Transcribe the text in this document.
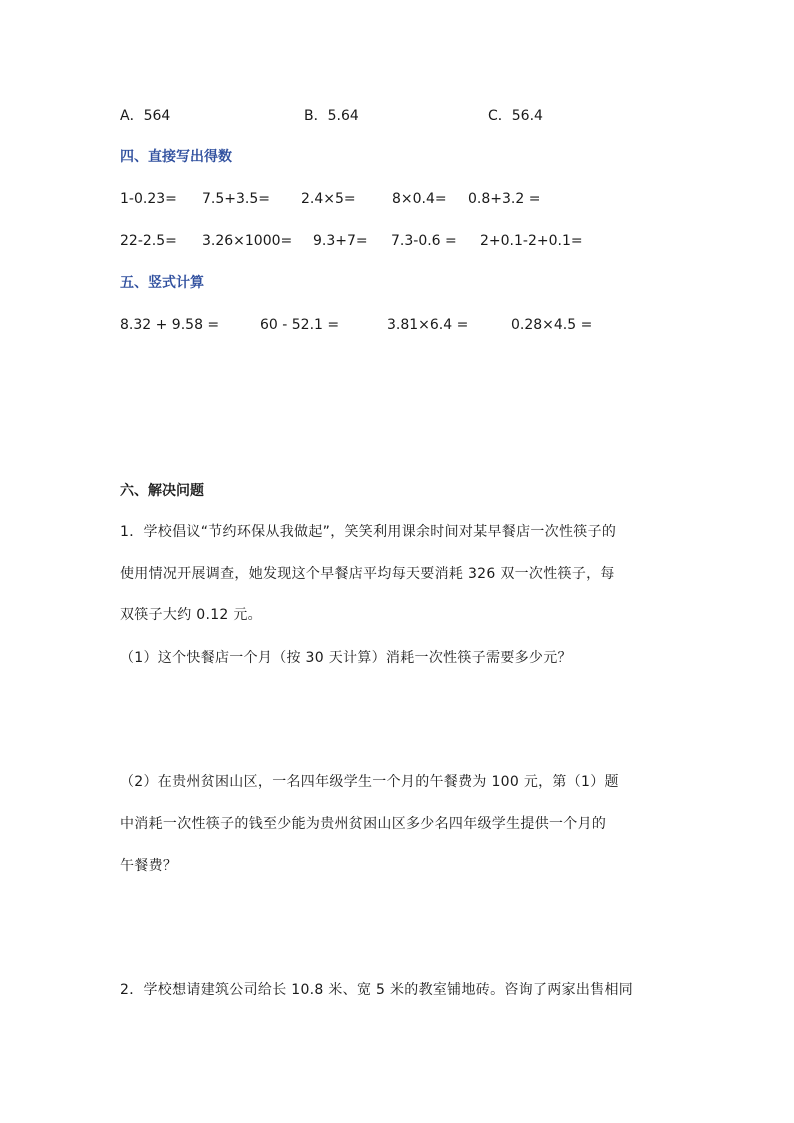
A．564	B．5.64	C．56.4
四、直接写出得数
1-0.23= 7.5+3.5= 2.4×5=	8×0.4= 0.8+3.2 =
22-2.5= 3.26×1000= 9.3+7= 7.3-0.6 = 2+0.1-2+0.1=
五、竖式计算
8.32 + 9.58 =	60 - 52.1 =	3.81×6.4 =	0.28×4.5 =
六、解决问题
1．学校倡议“节约环保从我做起”，笑笑利用课余时间对某早餐店一次性筷子的
使用情况开展调查，她发现这个早餐店平均每天要消耗 326 双一次性筷子，每
双筷子大约 0.12 元。
（1）这个快餐店一个月（按 30 天计算）消耗一次性筷子需要多少元？
（2）在贵州贫困山区，一名四年级学生一个月的午餐费为 100 元，第（1）题
中消耗一次性筷子的钱至少能为贵州贫困山区多少名四年级学生提供一个月的
午餐费？
2．学校想请建筑公司给长 10.8 米、宽 5 米的教室铺地砖。咨询了两家出售相同
